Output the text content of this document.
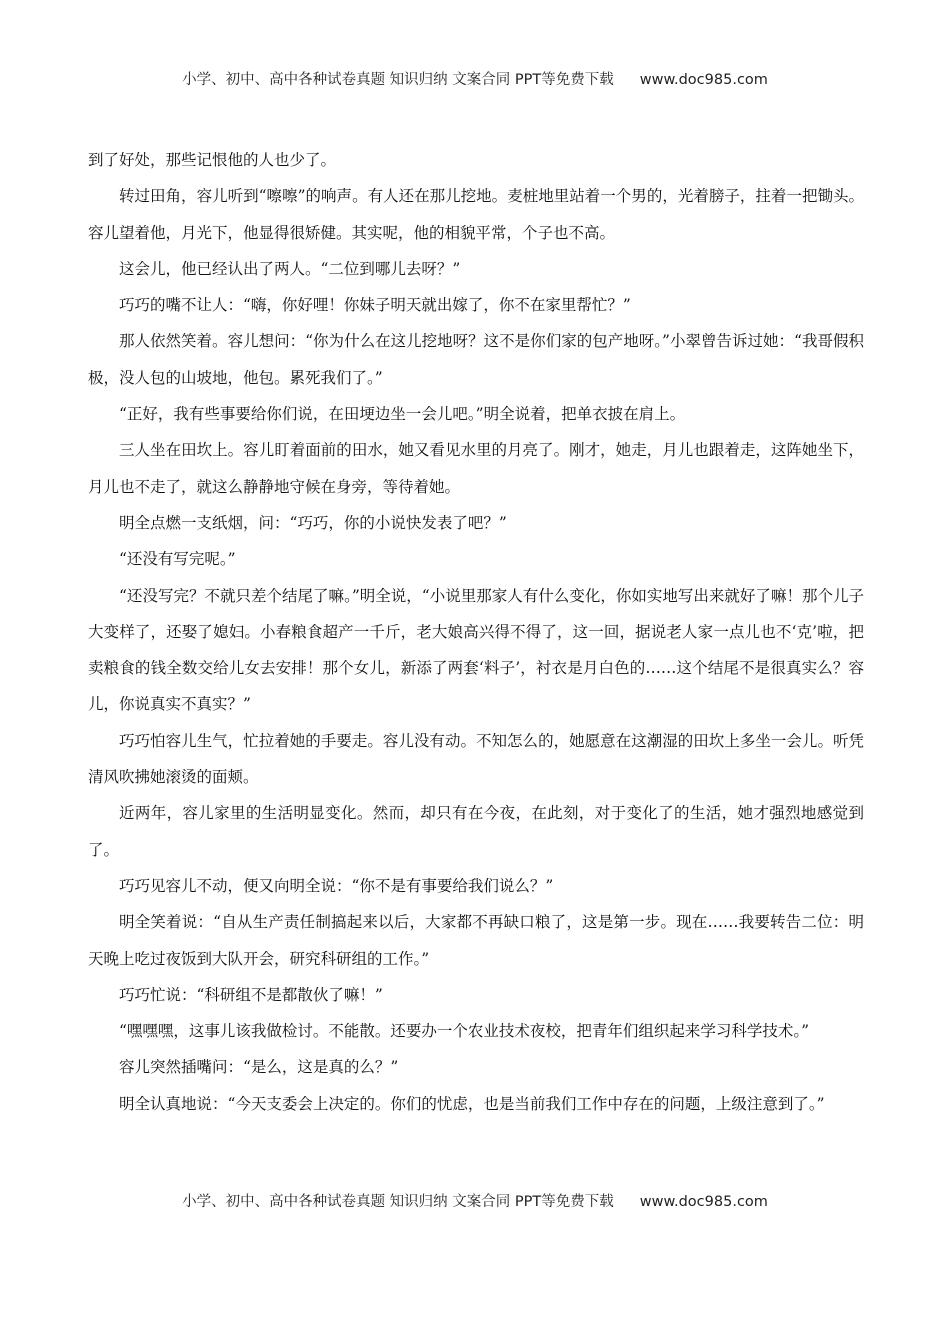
小学、初中、高中各种试卷真题 知识归纳 文案合同 PPT等免费下载 www.doc985.com

到了好处，那些记恨他的人也少了。

转过田角，容儿听到“嚓嚓”的响声。有人还在那儿挖地。麦桩地里站着一个男的，光着膀子，拄着一把锄头。容儿望着他，月光下，他显得很矫健。其实呢，他的相貌平常，个子也不高。

这会儿，他已经认出了两人。“二位到哪儿去呀？”

巧巧的嘴不让人：“嗨，你好哩！你妹子明天就出嫁了，你不在家里帮忙？”

那人依然笑着。容儿想问：“你为什么在这儿挖地呀？这不是你们家的包产地呀。”小翠曾告诉过她：“我哥假积极，没人包的山坡地，他包。累死我们了。”

“正好，我有些事要给你们说，在田埂边坐一会儿吧。”明全说着，把单衣披在肩上。

三人坐在田坎上。容儿盯着面前的田水，她又看见水里的月亮了。刚才，她走，月儿也跟着走，这阵她坐下，月儿也不走了，就这么静静地守候在身旁，等待着她。

明全点燃一支纸烟，问：“巧巧，你的小说快发表了吧？”

“还没有写完呢。”

“还没写完？不就只差个结尾了嘛。”明全说，“小说里那家人有什么变化，你如实地写出来就好了嘛！那个儿子大变样了，还娶了媳妇。小春粮食超产一千斤，老大娘高兴得不得了，这一回，据说老人家一点儿也不‘克’啦，把卖粮食的钱全数交给儿女去安排！那个女儿，新添了两套‘料子’，衬衣是月白色的……这个结尾不是很真实么？容儿，你说真实不真实？”

巧巧怕容儿生气，忙拉着她的手要走。容儿没有动。不知怎么的，她愿意在这潮湿的田坎上多坐一会儿。听凭清风吹拂她滚烫的面颊。

近两年，容儿家里的生活明显变化。然而，却只有在今夜，在此刻，对于变化了的生活，她才强烈地感觉到了。

巧巧见容儿不动，便又向明全说：“你不是有事要给我们说么？”

明全笑着说：“自从生产责任制搞起来以后，大家都不再缺口粮了，这是第一步。现在……我要转告二位：明天晚上吃过夜饭到大队开会，研究科研组的工作。”

巧巧忙说：“科研组不是都散伙了嘛！”

“嘿嘿嘿，这事儿该我做检讨。不能散。还要办一个农业技术夜校，把青年们组织起来学习科学技术。”

容儿突然插嘴问：“是么，这是真的么？”

明全认真地说：“今天支委会上决定的。你们的忧虑，也是当前我们工作中存在的问题，上级注意到了。”

小学、初中、高中各种试卷真题 知识归纳 文案合同 PPT等免费下载 www.doc985.com
